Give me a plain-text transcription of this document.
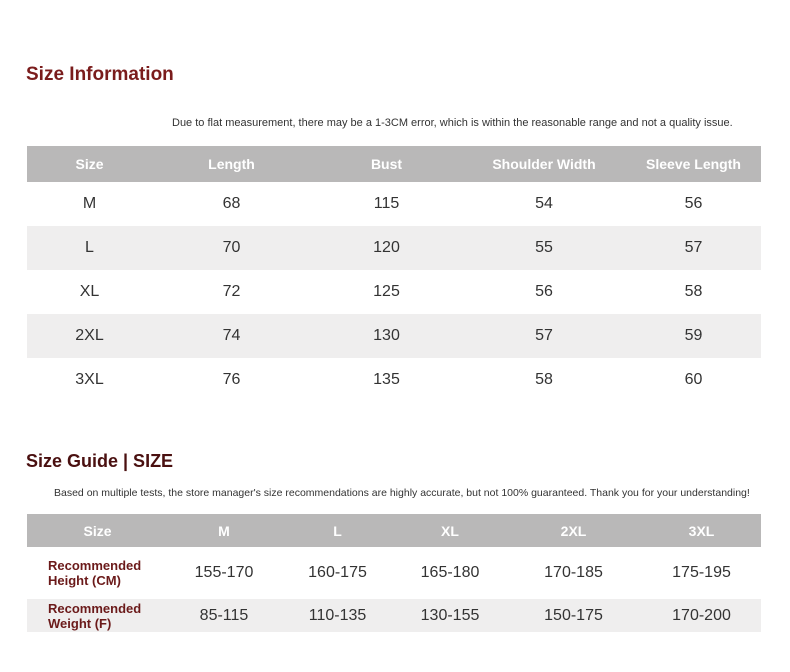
Size Information
Due to flat measurement, there may be a 1-3CM error, which is within the reasonable range and not a quality issue.
Size	Length	Bust	Shoulder Width	Sleeve Length
M	68	115	54	56
L	70	120	55	57
XL	72	125	56	58
2XL	74	130	57	59
3XL	76	135	58	60
Size Guide | SIZE
Based on multiple tests, the store manager's size recommendations are highly accurate, but not 100% guaranteed. Thank you for your understanding!
Size	M	L	XL	2XL	3XL
Recommended Height (CM)	155-170	160-175	165-180	170-185	175-195
Recommended Weight (F)	85-115	110-135	130-155	150-175	170-200
